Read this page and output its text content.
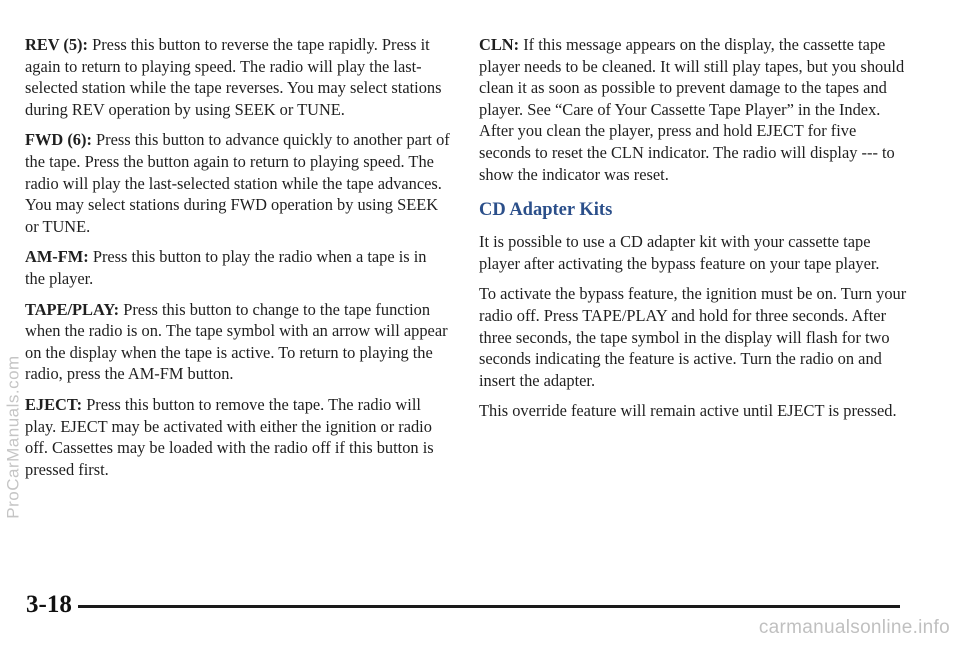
REV (5): Press this button to reverse the tape rapidly. Press it again to return to playing speed. The radio will play the last-selected station while the tape reverses. You may select stations during REV operation by using SEEK or TUNE.

FWD (6): Press this button to advance quickly to another part of the tape. Press the button again to return to playing speed. The radio will play the last-selected station while the tape advances. You may select stations during FWD operation by using SEEK or TUNE.

AM-FM: Press this button to play the radio when a tape is in the player.

TAPE/PLAY: Press this button to change to the tape function when the radio is on. The tape symbol with an arrow will appear on the display when the tape is active. To return to playing the radio, press the AM-FM button.

EJECT: Press this button to remove the tape. The radio will play. EJECT may be activated with either the ignition or radio off. Cassettes may be loaded with the radio off if this button is pressed first.

CLN: If this message appears on the display, the cassette tape player needs to be cleaned. It will still play tapes, but you should clean it as soon as possible to prevent damage to the tapes and player. See “Care of Your Cassette Tape Player” in the Index. After you clean the player, press and hold EJECT for five seconds to reset the CLN indicator. The radio will display --- to show the indicator was reset.

CD Adapter Kits

It is possible to use a CD adapter kit with your cassette tape player after activating the bypass feature on your tape player.

To activate the bypass feature, the ignition must be on. Turn your radio off. Press TAPE/PLAY and hold for three seconds. After three seconds, the tape symbol in the display will flash for two seconds indicating the feature is active. Turn the radio on and insert the adapter.

This override feature will remain active until EJECT is pressed.

3-18
ProCarManuals.com
carmanualsonline.info
